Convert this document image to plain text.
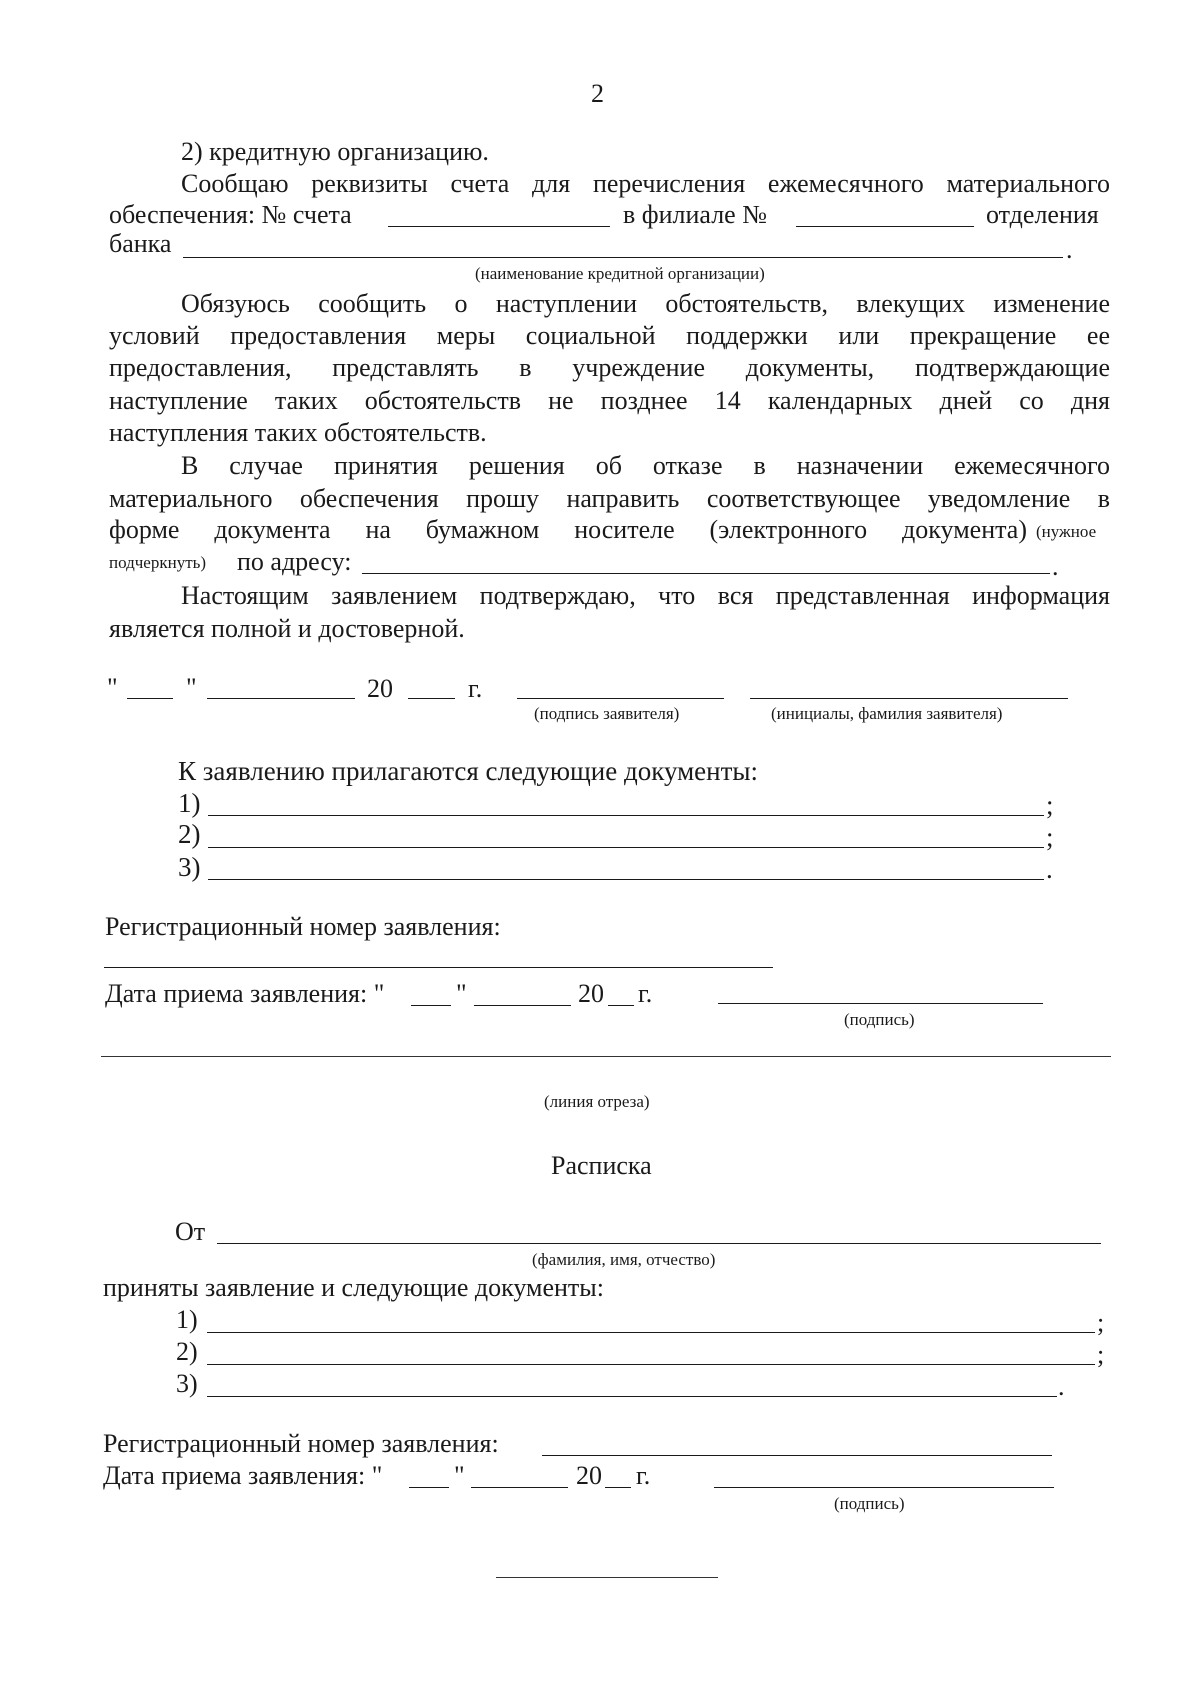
2
2) кредитную организацию.
Сообщаю реквизиты счета для перечисления ежемесячного материального
обеспечения: № счета	в филиале №	отделения
банка	.
(наименование кредитной организации)
Обязуюсь сообщить о наступлении обстоятельств, влекущих изменение
условий предоставления меры социальной поддержки или прекращение ее
предоставления, представлять в учреждение документы, подтверждающие
наступление таких обстоятельств не позднее 14 календарных дней со дня
наступления таких обстоятельств.
В случае принятия решения об отказе в назначении ежемесячного
материального обеспечения прошу направить соответствующее уведомление в
форме документа на бумажном носителе (электронного документа) (нужное
подчеркнуть) по адресу:	.
Настоящим заявлением подтверждаю, что вся представленная информация
является полной и достоверной.
"	"	20	г.
(подпись заявителя)	(инициалы, фамилия заявителя)
К заявлению прилагаются следующие документы:
1)	;
2)	;
3)	.
Регистрационный номер заявления:
Дата приема заявления: "	"	20 г.
(подпись)
(линия отреза)
Расписка
От
(фамилия, имя, отчество)
приняты заявление и следующие документы:
1)	;
2)	;
3)	.
Регистрационный номер заявления:
Дата приема заявления: "	"	20 г.
(подпись)
